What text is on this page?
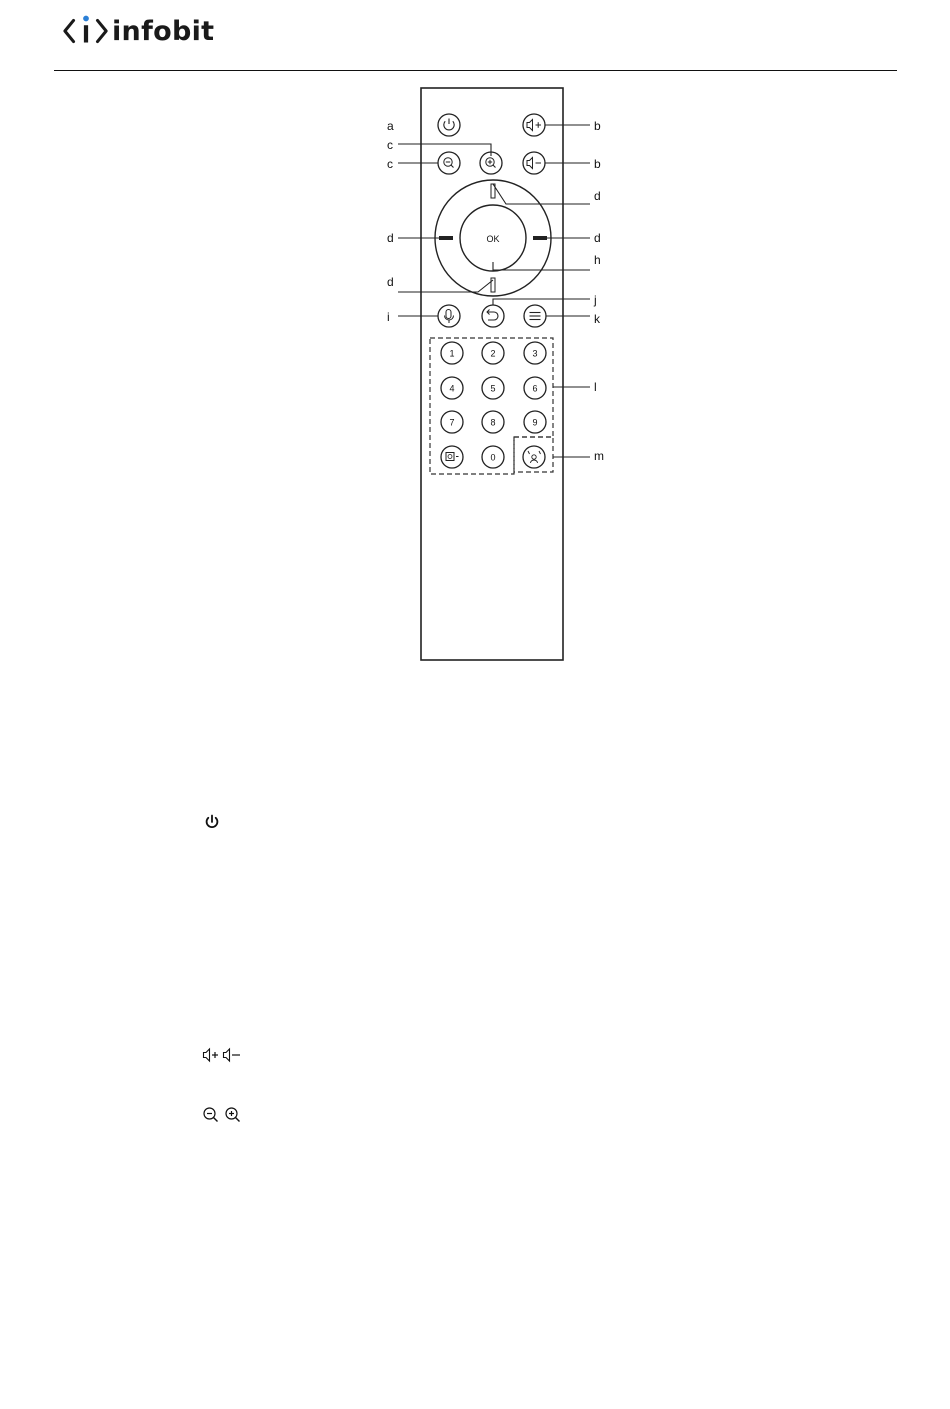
infobit
OK
1	2	3
4	5	6
7	8	9
0
a	b
c
c	b
d
d	d
h
d
j
i	k
l
m
